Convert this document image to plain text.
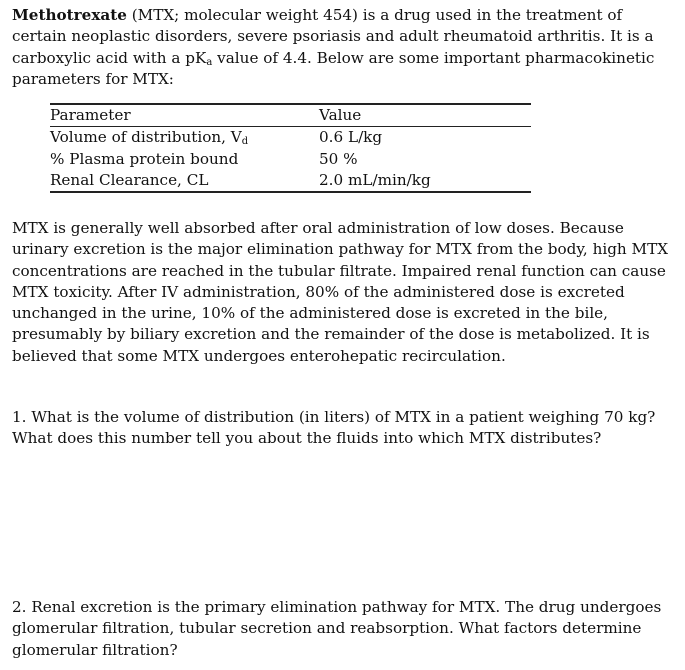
Methotrexate (MTX; molecular weight 454) is a drug used in the treatment of certain neoplastic disorders, severe psoriasis and adult rheumatoid arthritis. It is a carboxylic acid with a $pK_a$ value of 4.4. Below are some important pharmacokinetic parameters for MTX:

Parameter	Value
Volume of distribution, $V_d$	0.6 L/kg
% Plasma protein bound	50 %
Renal Clearance, CL	2.0 mL/min/kg

MTX is generally well absorbed after oral administration of low doses. Because urinary excretion is the major elimination pathway for MTX from the body, high MTX concentrations are reached in the tubular filtrate. Impaired renal function can cause MTX toxicity. After IV administration, 80% of the administered dose is excreted unchanged in the urine, 10% of the administered dose is excreted in the bile, presumably by biliary excretion and the remainder of the dose is metabolized. It is believed that some MTX undergoes enterohepatic recirculation.

1. What is the volume of distribution (in liters) of MTX in a patient weighing 70 kg? What does this number tell you about the fluids into which MTX distributes?

2. Renal excretion is the primary elimination pathway for MTX. The drug undergoes glomerular filtration, tubular secretion and reabsorption. What factors determine glomerular filtration?
